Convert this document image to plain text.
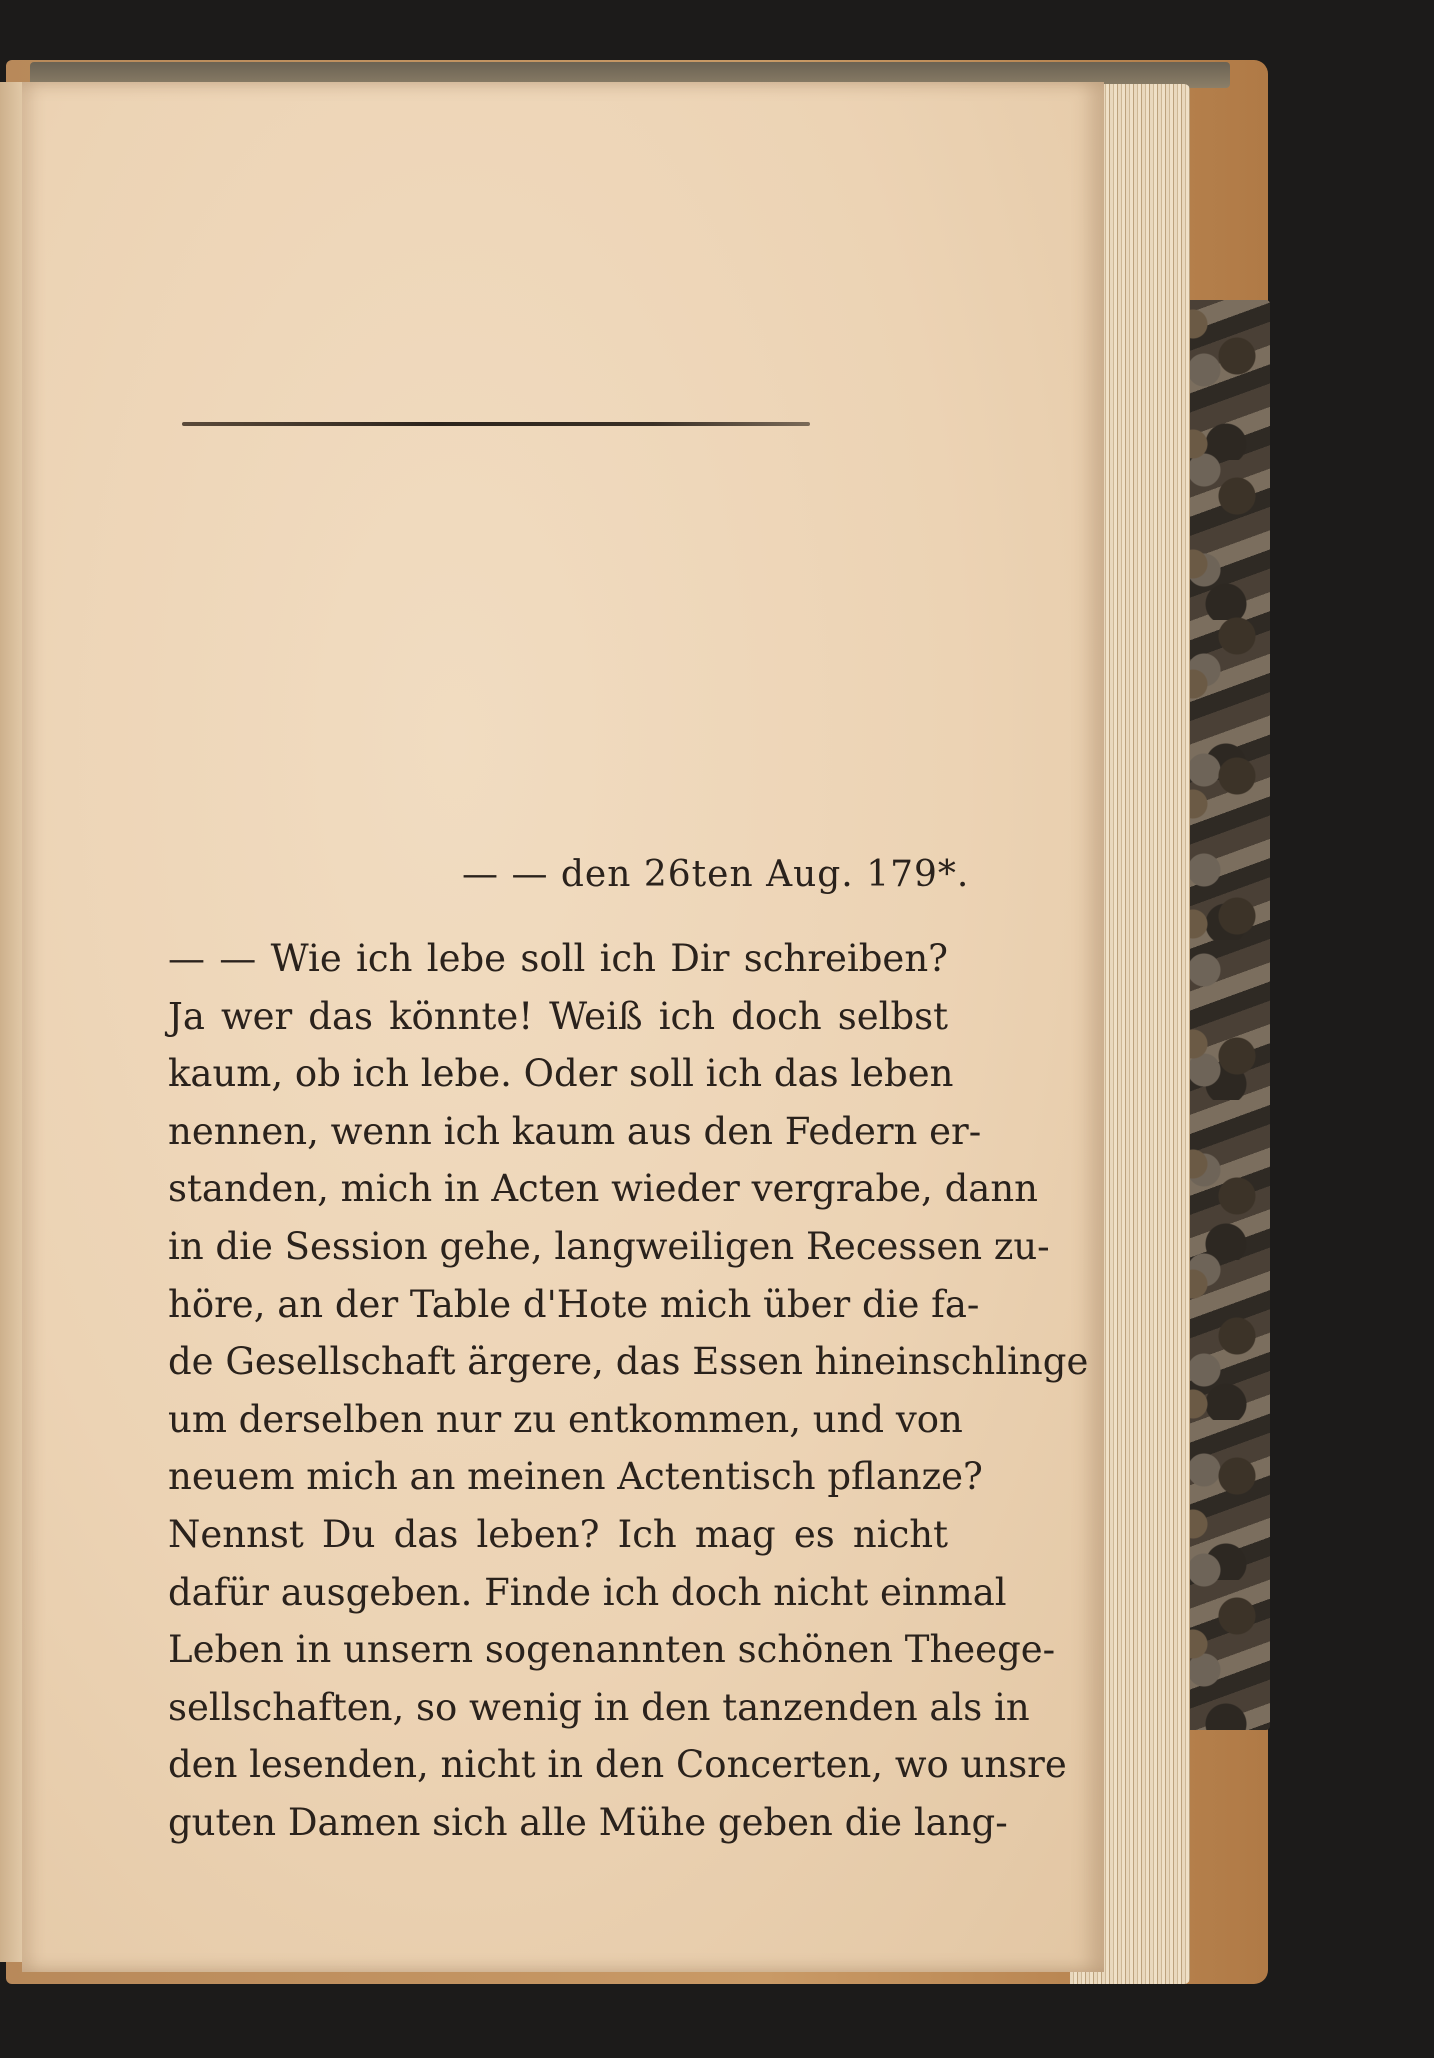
— — den 26ten Aug. 179*.
— — Wie ich lebe soll ich Dir schreiben?
Ja wer das könnte! Weiß ich doch selbst
kaum, ob ich lebe. Oder soll ich das leben
nennen, wenn ich kaum aus den Federn er-
standen, mich in Acten wieder vergrabe, dann
in die Session gehe, langweiligen Recessen zu-
höre, an der Table d'Hote mich über die fa-
de Gesellschaft ärgere, das Essen hineinschlinge
um derselben nur zu entkommen, und von
neuem mich an meinen Actentisch pflanze?
Nennst Du das leben? Ich mag es nicht
dafür ausgeben. Finde ich doch nicht einmal
Leben in unsern sogenannten schönen Theege-
sellschaften, so wenig in den tanzenden als in
den lesenden, nicht in den Concerten, wo unsre
guten Damen sich alle Mühe geben die lang-
